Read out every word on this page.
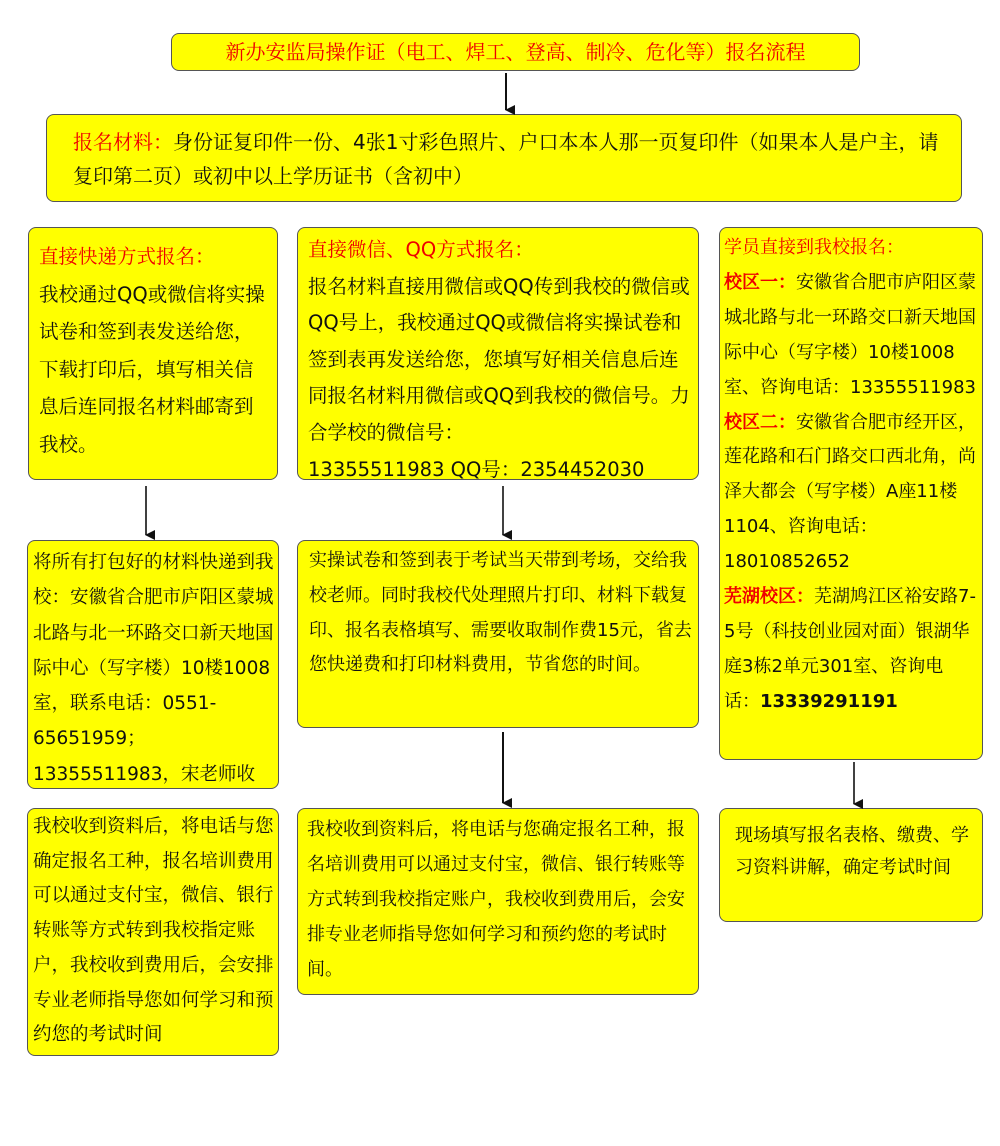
新办安监局操作证（电工、焊工、登高、制冷、危化等）报名流程
报名材料：身份证复印件一份、4张1寸彩色照片、户口本本人那一页复印件（如果本人是户主，请复印第二页）或初中以上学历证书（含初中）
直接快递方式报名：
我校通过QQ或微信将实操试卷和签到表发送给您，下载打印后，填写相关信息后连同报名材料邮寄到我校。
将所有打包好的材料快递到我校：安徽省合肥市庐阳区蒙城北路与北一环路交口新天地国际中心（写字楼）10楼1008室，联系电话：0551-65651959；13355511983，宋老师收
我校收到资料后，将电话与您确定报名工种，报名培训费用可以通过支付宝，微信、银行转账等方式转到我校指定账户，我校收到费用后，会安排专业老师指导您如何学习和预约您的考试时间
直接微信、QQ方式报名：
报名材料直接用微信或QQ传到我校的微信或QQ号上，我校通过QQ或微信将实操试卷和签到表再发送给您，您填写好相关信息后连同报名材料用微信或QQ到我校的微信号。力合学校的微信号：
13355511983 QQ号：2354452030
实操试卷和签到表于考试当天带到考场，交给我校老师。同时我校代处理照片打印、材料下载复印、报名表格填写、需要收取制作费15元，省去您快递费和打印材料费用，节省您的时间。
我校收到资料后，将电话与您确定报名工种，报名培训费用可以通过支付宝，微信、银行转账等方式转到我校指定账户，我校收到费用后，会安排专业老师指导您如何学习和预约您的考试时间。
学员直接到我校报名：
校区一：安徽省合肥市庐阳区蒙城北路与北一环路交口新天地国际中心（写字楼）10楼1008室、咨询电话：13355511983
校区二：安徽省合肥市经开区，莲花路和石门路交口西北角，尚泽大都会（写字楼）A座11楼1104、咨询电话：18010852652
芜湖校区：芜湖鸠江区裕安路7-5号（科技创业园对面）银湖华庭3栋2单元301室、咨询电话：13339291191
现场填写报名表格、缴费、学习资料讲解，确定考试时间
